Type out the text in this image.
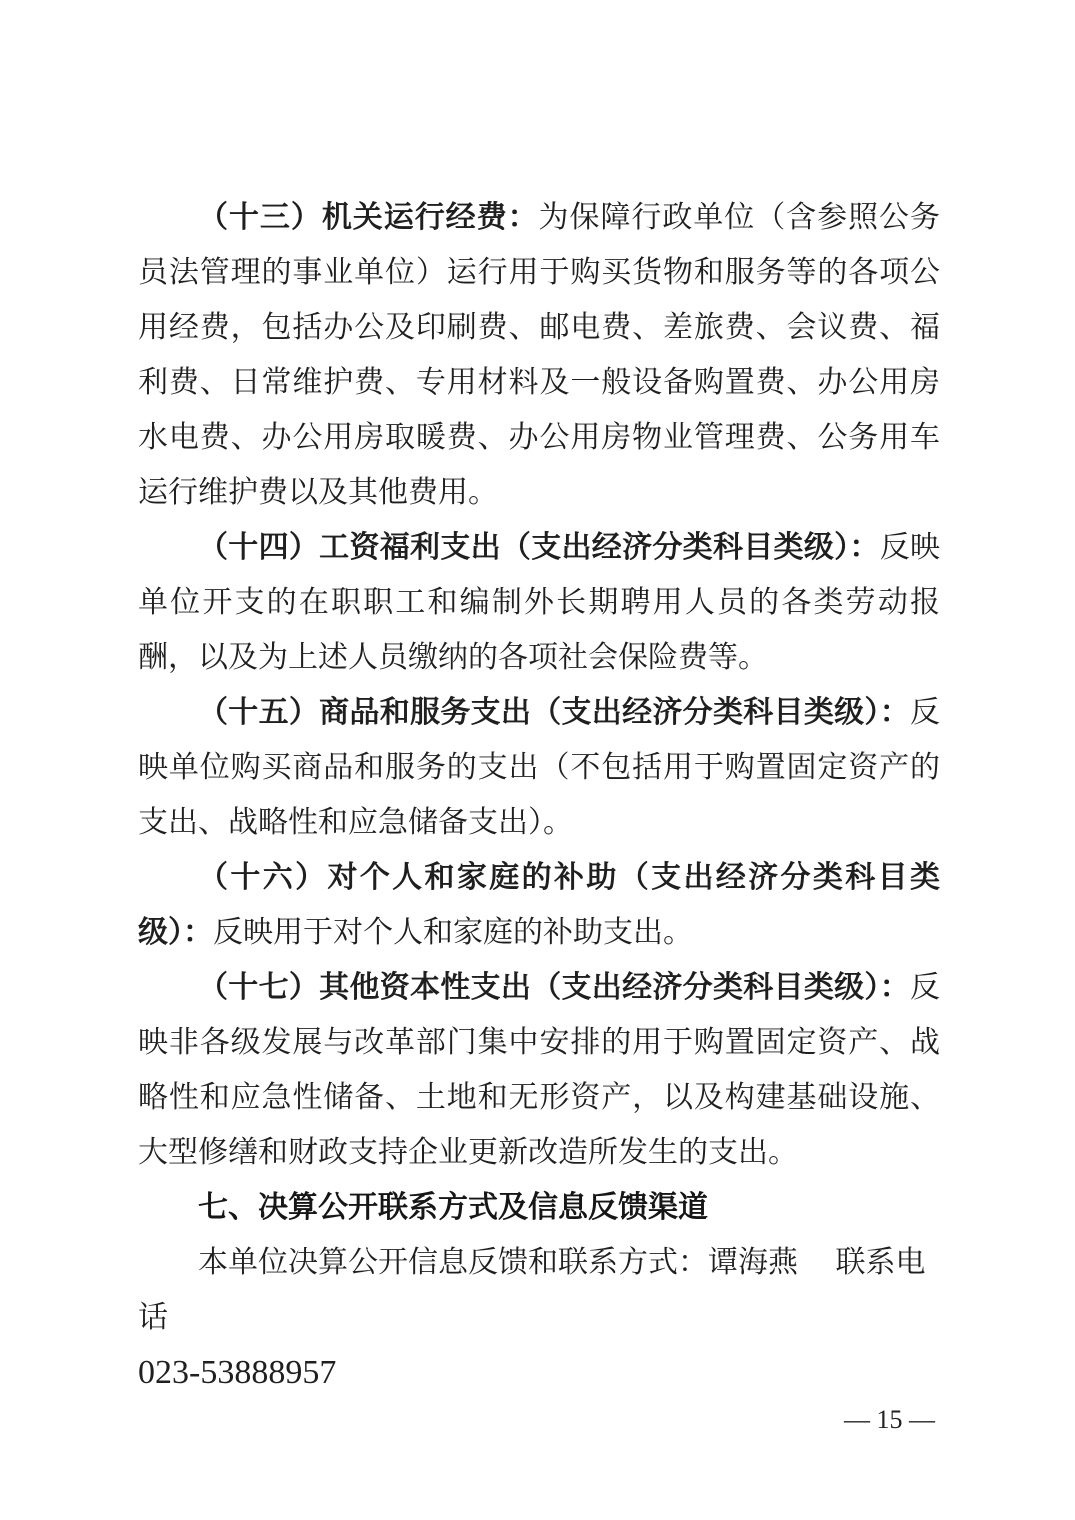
（十三）机关运行经费：为保障行政单位（含参照公务员法管理的事业单位）运行用于购买货物和服务等的各项公用经费，包括办公及印刷费、邮电费、差旅费、会议费、福利费、日常维护费、专用材料及一般设备购置费、办公用房水电费、办公用房取暖费、办公用房物业管理费、公务用车运行维护费以及其他费用。

（十四）工资福利支出（支出经济分类科目类级）：反映单位开支的在职职工和编制外长期聘用人员的各类劳动报酬，以及为上述人员缴纳的各项社会保险费等。

（十五）商品和服务支出（支出经济分类科目类级）：反映单位购买商品和服务的支出（不包括用于购置固定资产的支出、战略性和应急储备支出）。

（十六）对个人和家庭的补助（支出经济分类科目类级）：反映用于对个人和家庭的补助支出。

（十七）其他资本性支出（支出经济分类科目类级）：反映非各级发展与改革部门集中安排的用于购置固定资产、战略性和应急性储备、土地和无形资产，以及构建基础设施、大型修缮和财政支持企业更新改造所发生的支出。

七、决算公开联系方式及信息反馈渠道

本单位决算公开信息反馈和联系方式：谭海燕　 联系电话

023-53888957

— 15 —
